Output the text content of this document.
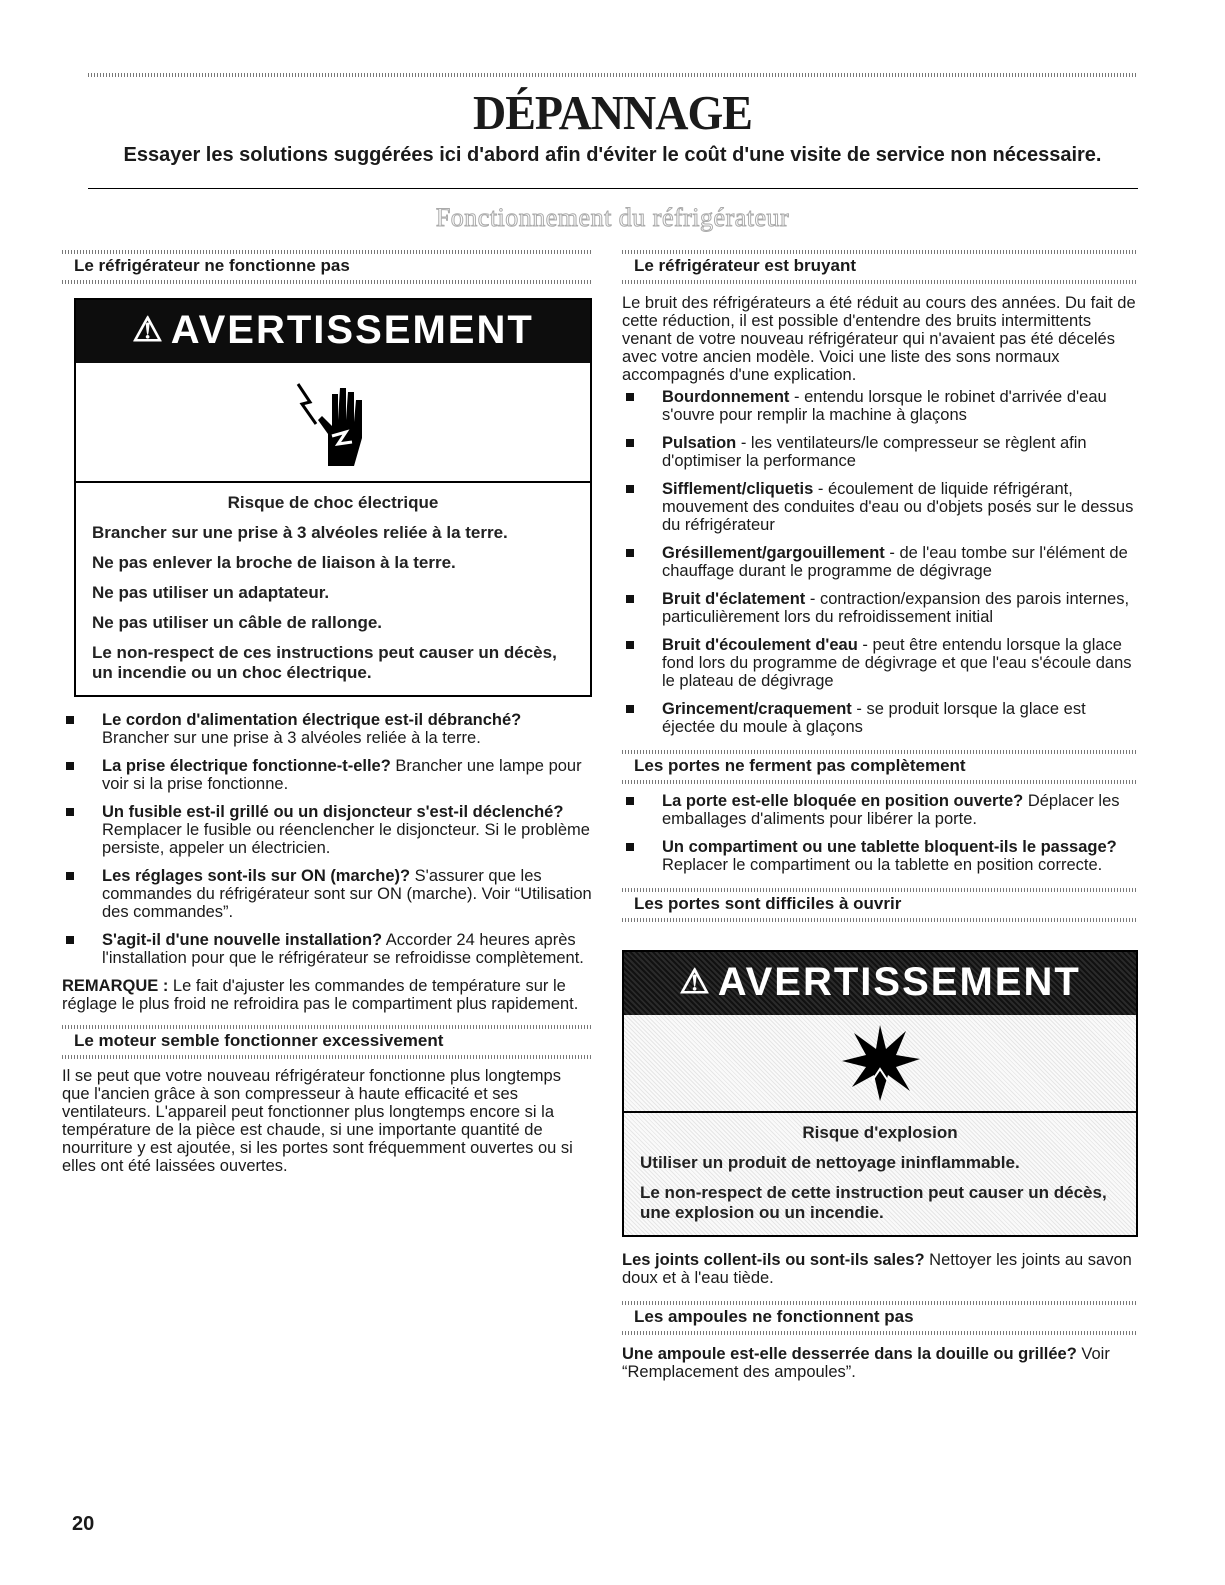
DÉPANNAGE
Essayer les solutions suggérées ici d'abord afin d'éviter le coût d'une visite de service non nécessaire.
Fonctionnement du réfrigérateur
Le réfrigérateur ne fonctionne pas
⚠ AVERTISSEMENT
Risque de choc électrique
Brancher sur une prise à 3 alvéoles reliée à la terre.
Ne pas enlever la broche de liaison à la terre.
Ne pas utiliser un adaptateur.
Ne pas utiliser un câble de rallonge.
Le non-respect de ces instructions peut causer un décès, un incendie ou un choc électrique.
Le cordon d'alimentation électrique est-il débranché? Brancher sur une prise à 3 alvéoles reliée à la terre.
La prise électrique fonctionne-t-elle? Brancher une lampe pour voir si la prise fonctionne.
Un fusible est-il grillé ou un disjoncteur s'est-il déclenché? Remplacer le fusible ou réenclencher le disjoncteur. Si le problème persiste, appeler un électricien.
Les réglages sont-ils sur ON (marche)? S'assurer que les commandes du réfrigérateur sont sur ON (marche). Voir “Utilisation des commandes”.
S'agit-il d'une nouvelle installation? Accorder 24 heures après l'installation pour que le réfrigérateur se refroidisse complètement.

REMARQUE : Le fait d'ajuster les commandes de température sur le réglage le plus froid ne refroidira pas le compartiment plus rapidement.

Le moteur semble fonctionner excessivement

Il se peut que votre nouveau réfrigérateur fonctionne plus longtemps que l'ancien grâce à son compresseur à haute efficacité et ses ventilateurs. L'appareil peut fonctionner plus longtemps encore si la température de la pièce est chaude, si une importante quantité de nourriture y est ajoutée, si les portes sont fréquemment ouvertes ou si elles ont été laissées ouvertes.

Le réfrigérateur est bruyant

Le bruit des réfrigérateurs a été réduit au cours des années. Du fait de cette réduction, il est possible d'entendre des bruits intermittents venant de votre nouveau réfrigérateur qui n'avaient pas été décelés avec votre ancien modèle. Voici une liste des sons normaux accompagnés d'une explication.

Bourdonnement - entendu lorsque le robinet d'arrivée d'eau s'ouvre pour remplir la machine à glaçons
Pulsation - les ventilateurs/le compresseur se règlent afin d'optimiser la performance
Sifflement/cliquetis - écoulement de liquide réfrigérant, mouvement des conduites d'eau ou d'objets posés sur le dessus du réfrigérateur
Grésillement/gargouillement - de l'eau tombe sur l'élément de chauffage durant le programme de dégivrage
Bruit d'éclatement - contraction/expansion des parois internes, particulièrement lors du refroidissement initial
Bruit d'écoulement d'eau - peut être entendu lorsque la glace fond lors du programme de dégivrage et que l'eau s'écoule dans le plateau de dégivrage
Grincement/craquement - se produit lorsque la glace est éjectée du moule à glaçons
Les portes ne ferment pas complètement
La porte est-elle bloquée en position ouverte? Déplacer les emballages d'aliments pour libérer la porte.
Un compartiment ou une tablette bloquent-ils le passage? Replacer le compartiment ou la tablette en position correcte.
Les portes sont difficiles à ouvrir
⚠ AVERTISSEMENT
Risque d'explosion
Utiliser un produit de nettoyage ininflammable.
Le non-respect de cette instruction peut causer un décès, une explosion ou un incendie.

Les joints collent-ils ou sont-ils sales? Nettoyer les joints au savon doux et à l'eau tiède.

Les ampoules ne fonctionnent pas

Une ampoule est-elle desserrée dans la douille ou grillée? Voir “Remplacement des ampoules”.

20
